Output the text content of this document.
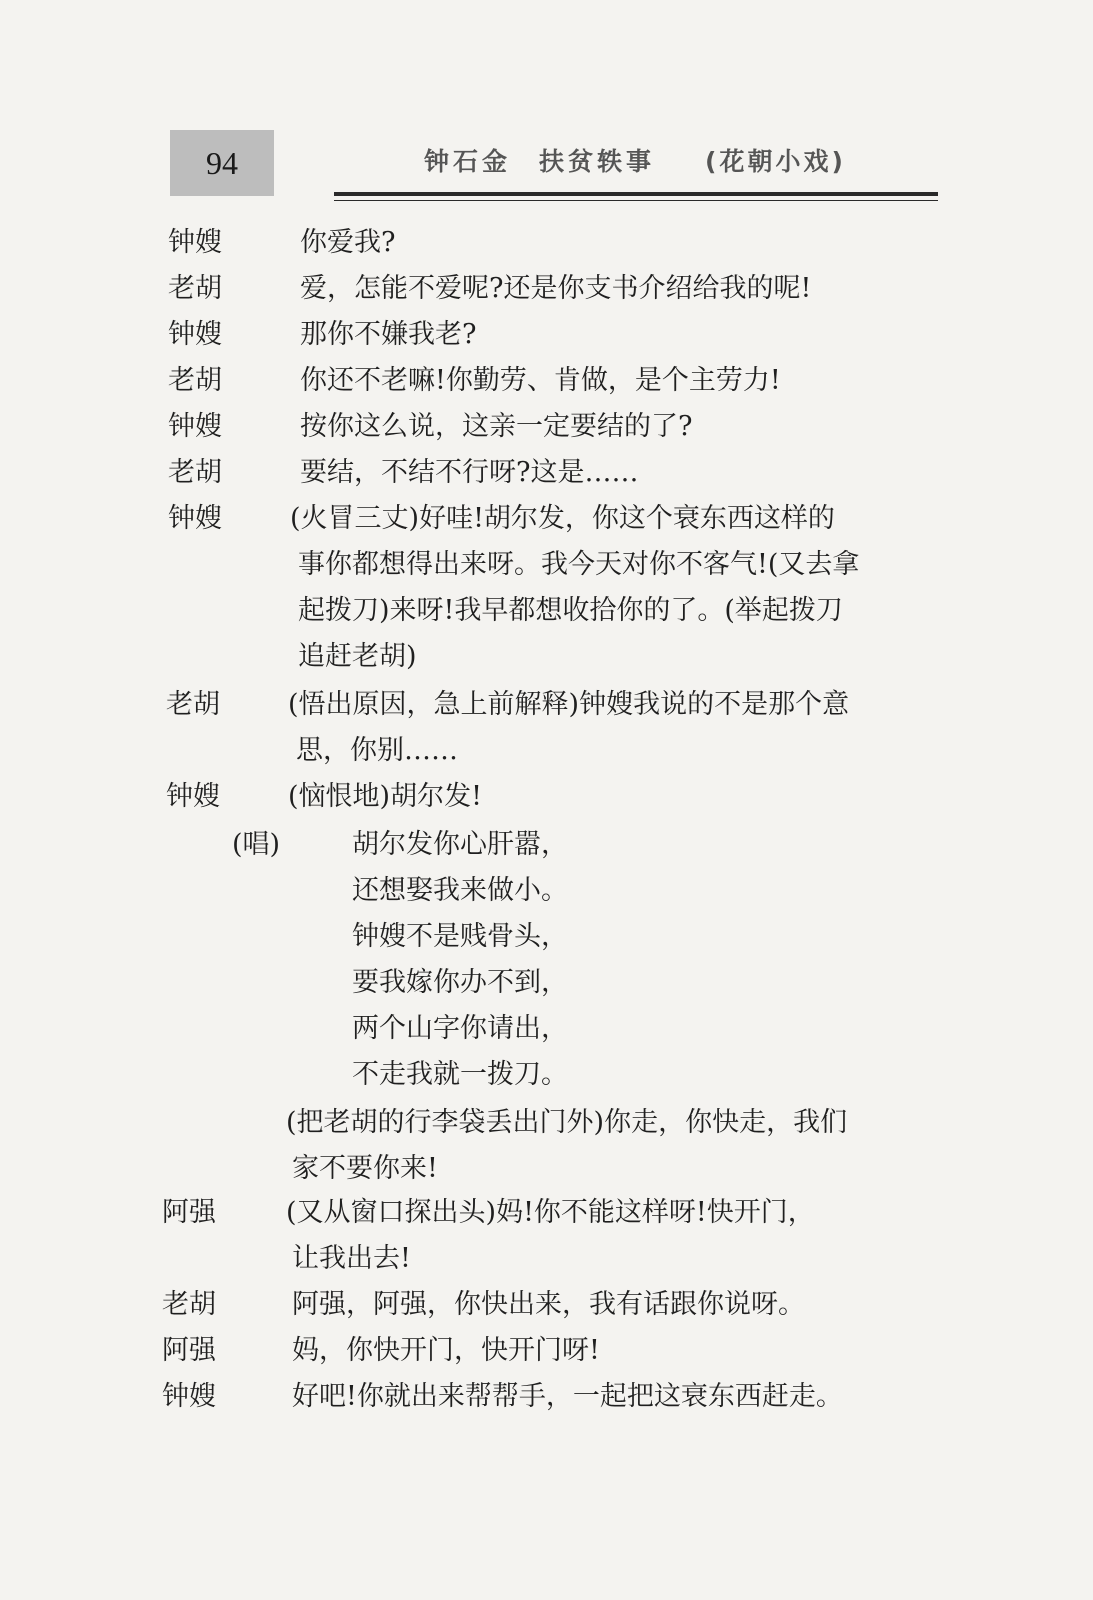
94	钟石金 扶贫轶事 (花朝小戏)
钟嫂	你爱我?
老胡	爱，怎能不爱呢?还是你支书介绍给我的呢!
钟嫂	那你不嫌我老?
老胡	你还不老嘛!你勤劳、肯做，是个主劳力!
钟嫂	按你这么说，这亲一定要结的了?
老胡	要结，不结不行呀?这是……
钟嫂	(火冒三丈)好哇!胡尔发，你这个衰东西这样的
事你都想得出来呀。我今天对你不客气!(又去拿
起拨刀)来呀!我早都想收拾你的了。(举起拨刀
追赶老胡)
老胡	(悟出原因，急上前解释)钟嫂我说的不是那个意
思，你别……
钟嫂	(恼恨地)胡尔发!
(唱)	胡尔发你心肝嚣，
还想娶我来做小。
钟嫂不是贱骨头，
要我嫁你办不到，
两个山字你请出，
不走我就一拨刀。
(把老胡的行李袋丢出门外)你走，你快走，我们
家不要你来!
阿强	(又从窗口探出头)妈!你不能这样呀!快开门，
让我出去!
老胡	阿强，阿强，你快出来，我有话跟你说呀。
阿强	妈，你快开门，快开门呀!
钟嫂	好吧!你就出来帮帮手，一起把这衰东西赶走。
